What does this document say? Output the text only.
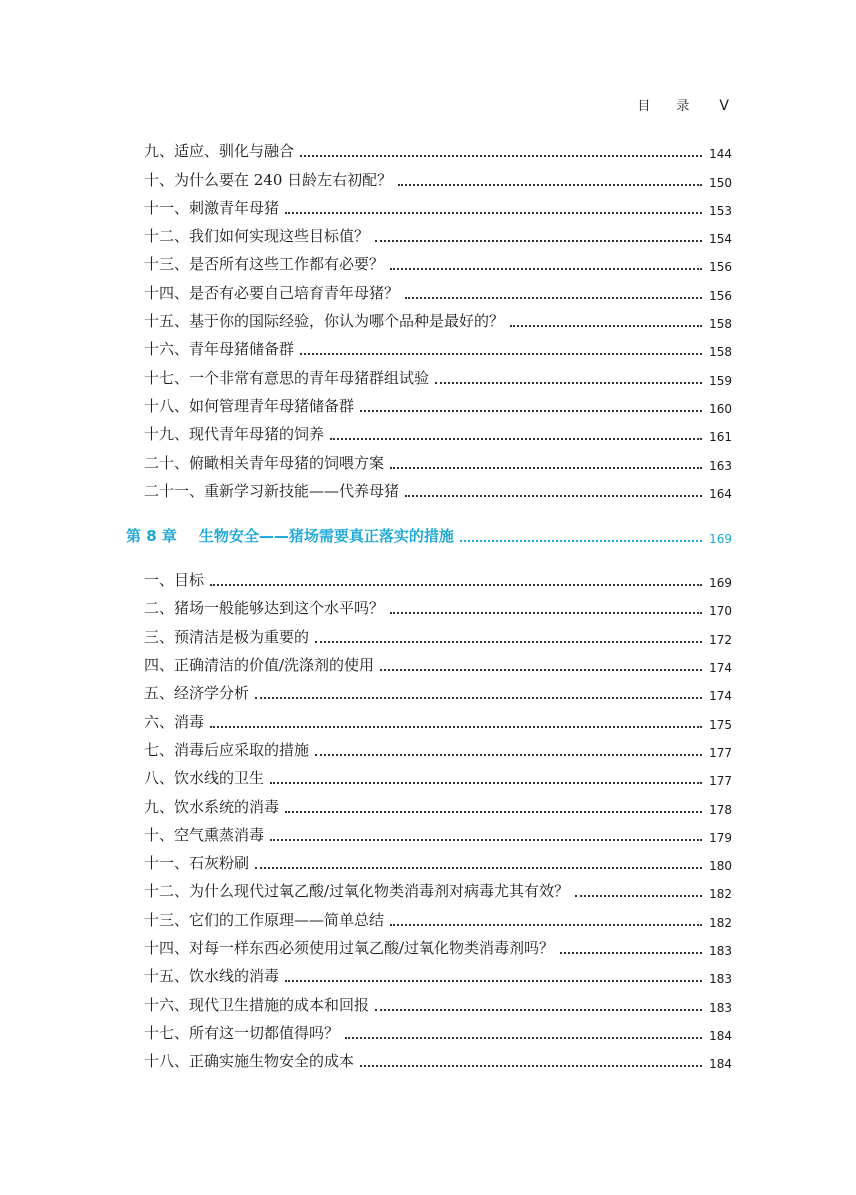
目录 V
九、适应、驯化与融合	144
十、为什么要在 240 日龄左右初配？	150
十一、刺激青年母猪	153
十二、我们如何实现这些目标值？	154
十三、是否所有这些工作都有必要？	156
十四、是否有必要自己培育青年母猪？	156
十五、基于你的国际经验，你认为哪个品种是最好的？	158
十六、青年母猪储备群	158
十七、一个非常有意思的青年母猪群组试验	159
十八、如何管理青年母猪储备群	160
十九、现代青年母猪的饲养	161
二十、俯瞰相关青年母猪的饲喂方案	163
二十一、重新学习新技能——代养母猪	164
第 8 章 生物安全——猪场需要真正落实的措施	169
一、目标	169
二、猪场一般能够达到这个水平吗？	170
三、预清洁是极为重要的	172
四、正确清洁的价值/洗涤剂的使用	174
五、经济学分析	174
六、消毒	175
七、消毒后应采取的措施	177
八、饮水线的卫生	177
九、饮水系统的消毒	178
十、空气熏蒸消毒	179
十一、石灰粉刷	180
十二、为什么现代过氧乙酸/过氧化物类消毒剂对病毒尤其有效？	182
十三、它们的工作原理——简单总结	182
十四、对每一样东西必须使用过氧乙酸/过氧化物类消毒剂吗？	183
十五、饮水线的消毒	183
十六、现代卫生措施的成本和回报	183
十七、所有这一切都值得吗？	184
十八、正确实施生物安全的成本	184
